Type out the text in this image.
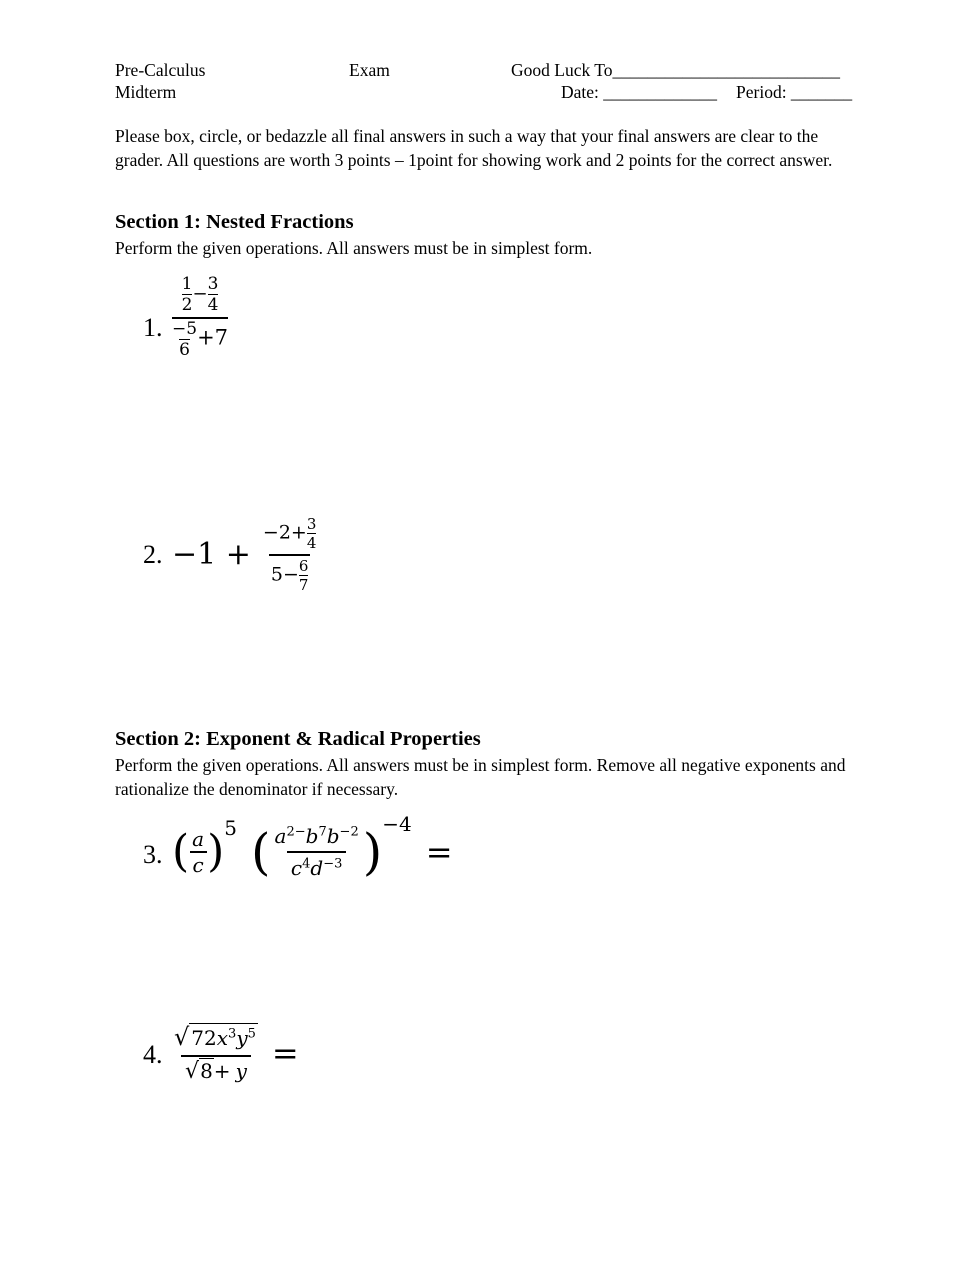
Pre-Calculus	Exam	Good Luck To__________________________
Midterm	Date: _____________ Period: _______
Please box, circle, or bedazzle all final answers in such a way that your final answers are clear to the grader. All questions are worth 3 points – 1point for showing work and 2 points for the correct answer.
Section 1: Nested Fractions
Perform the given operations. All answers must be in simplest form.
1. $\frac{\frac{1}{2} - \frac{3}{4}}{\frac{-5}{6} +7}$
2. $-1 + \frac{-2+ \frac{3}{4}}{5- \frac{6}{7}}$
Section 2: Exponent & Radical Properties
Perform the given operations. All answers must be in simplest form. Remove all negative exponents and rationalize the denominator if necessary.
3. ( $\frac{a}{c}$ ) 5 ( $\frac{a^{2-}b^7b^{-2}}{c^4d^{-3}}$ ) −4
=
4. $\frac{√ 72x^3y^5}{√8+ y}$ =
